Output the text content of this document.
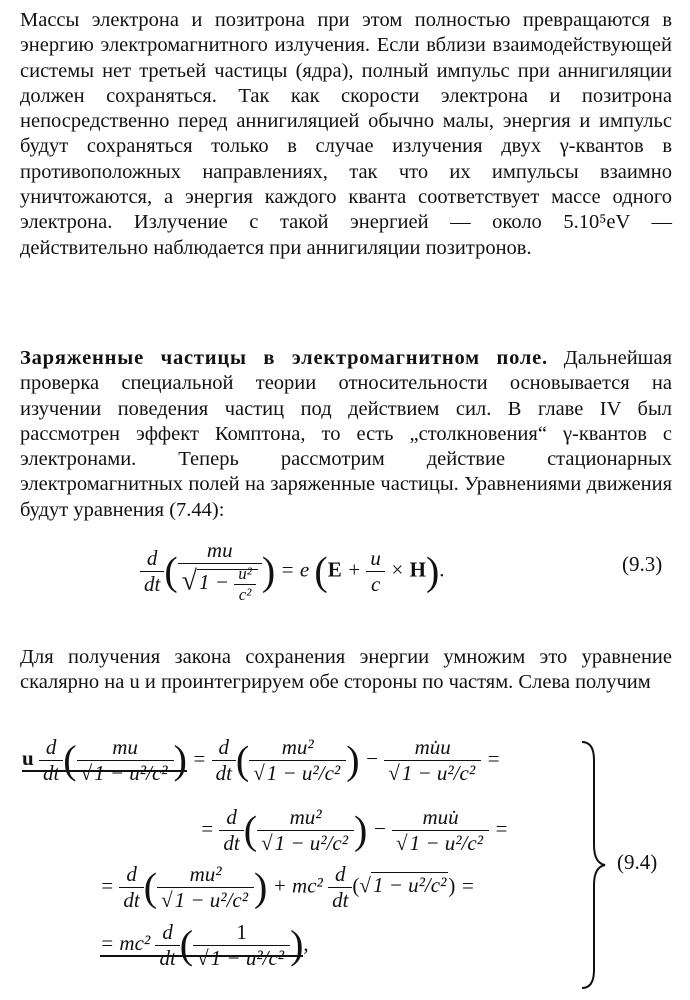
Массы электрона и позитрона при этом полностью превращаются в энергию электромагнитного излучения. Если вблизи взаимодействующей системы нет третьей частицы (ядра), полный импульс при аннигиляции должен сохраняться. Так как скорости электрона и позитрона непосредственно перед аннигиляцией обычно малы, энергия и импульс будут сохраняться только в случае излучения двух γ-квантов в противоположных направлениях, так что их импульсы взаимно уничтожаются, а энергия каждого кванта соответствует массе одного электрона. Излучение с такой энергией — около 5.10⁵eV — действительно наблюдается при аннигиляции позитронов.

Заряженные частицы в электромагнитном поле. Дальнейшая проверка специальной теории относительности основывается на изучении поведения частиц под действием сил. В главе IV был рассмотрен эффект Комптона, то есть „столкновения“ γ-квантов с электронами. Теперь рассмотрим действие стационарных электромагнитных полей на заряженные частицы. Уравнениями движения будут уравнения (7.44):

$\frac{d}{dt}$ ( $\frac{mu}{√1 - \frac{\text{u²}}{\text{c²}}}$ ) = e $(E + \frac{u}{c} \times H)$.	(9.3)

Для получения закона сохранения энергии умножим это уравнение скалярно на u и проинтегрируем обе стороны по частям. Слева получим

u $\frac{d}{dt}$ ( $\frac{mu}{\text{√1 − u²/c²}}$ ) = $\frac{d}{dt}$ ( $\frac{\text{mu²}}{\text{√1 − u²/c²}}$ ) − $\frac{mu̇u}{\text{√1 − u²/c²}}$ =
= $\frac{d}{dt}$ ( $\frac{\text{mu²}}{\text{√1 − u²/c²}}$ ) − $\frac{\text{muu̇}}{\text{√1 − u²/c²}}$ =
= $\frac{d}{dt}$ ( $\frac{\text{mu²}}{\text{√1 − u²/c²}}$ ) + $mc^2 \frac{d}{dt} (√1 - u^2/c^2)$ =
= $mc^2 \frac{d}{dt}$ ( $\frac{1}{\text{√1 − u²/c²}}$ ),
(9.4)
